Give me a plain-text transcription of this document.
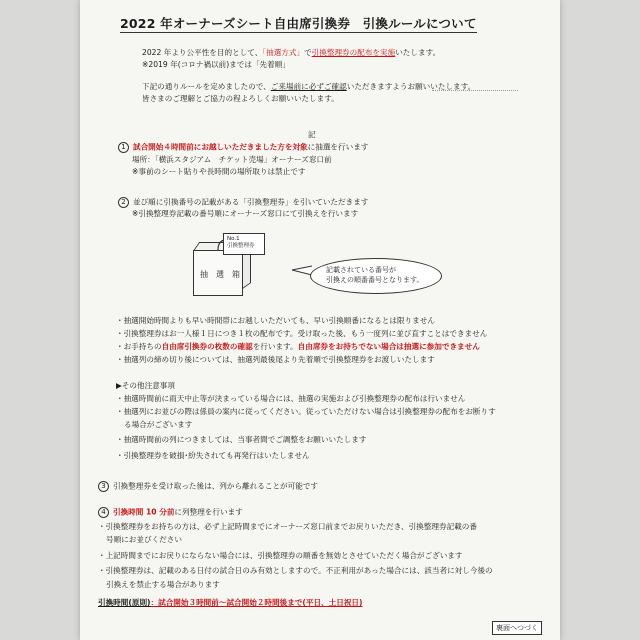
2022 年オーナーズシート自由席引換券　引換ルールについて
2022 年より公平性を目的として、「抽選方式」で引換整理券の配布を実施いたします。
※2019 年(コロナ禍以前)までは「先着順」
下記の通りルールを定めましたので、ご来場前に必ずご確認いただきますようお願いいたします。
皆さまのご理解とご協力の程よろしくお願いいたします。
記
1 試合開始４時間前にお越しいただきました方を対象に抽選を行います
場所：「横浜スタジアム　チケット売場」オーナーズ窓口前
※事前のシート貼りや長時間の場所取りは禁止です
2 並び順に引換番号の記載がある「引換整理券」を引いていただきます
※引換整理券記載の番号順にオーナーズ窓口にて引換えを行います
抽　選　箱
No.1
引換整理券
記載されている番号が
引換えの順番番号となります。
・抽選開始時間よりも早い時間帯にお越しいただいても、早い引換順番になるとは限りません
・引換整理券はお一人様１日につき１枚の配布です。受け取った後、もう一度列に並び直すことはできません
・お手持ちの自由席引換券の枚数の確認を行います。自由席券をお持ちでない場合は抽選に参加できません
・抽選列の締め切り後については、抽選列最後尾より先着順で引換整理券をお渡しいたします
▶その他注意事項
・抽選時間前に雨天中止等が決まっている場合には、抽選の実施および引換整理券の配布は行いません
・抽選列にお並びの際は係員の案内に従ってください。従っていただけない場合は引換整理券の配布をお断りす
る場合がございます
・抽選時間前の列につきましては、当事者間でご調整をお願いいたします
・引換整理券を破損･紛失されても再発行はいたしません
3 引換整理券を受け取った後は、列から離れることが可能です
4 引換時間 10 分前に列整理を行います
・引換整理券をお持ちの方は、必ず上記時間までにオーナーズ窓口前までお戻りいただき、引換整理券記載の番
号順にお並びください
・上記時間までにお戻りにならない場合には、引換整理券の順番を無効とさせていただく場合がございます
・引換整理券は、記載のある日付の試合日のみ有効としますので。不正利用があった場合には、該当者に対し今後の
引換えを禁止する場合があります
引換時間(原則)：試合開始３時間前～試合開始２時間後まで(平日、土日祝日)
裏面へつづく
